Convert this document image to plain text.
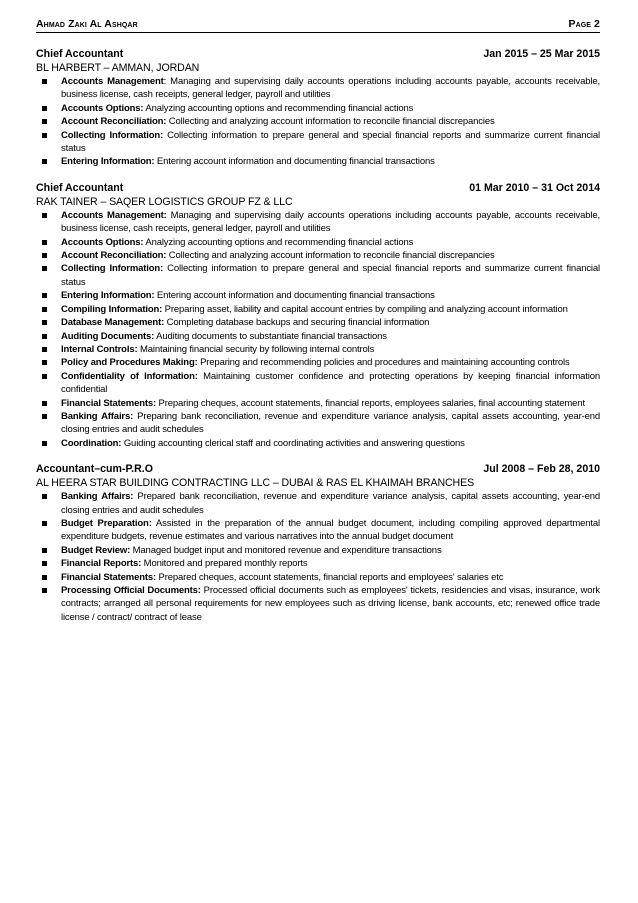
Ahmad Zaki Al Ashqar	Page 2
Chief Accountant	Jan 2015 – 25 Mar 2015
BL HARBERT – AMMAN, JORDAN
Accounts Management: Managing and supervising daily accounts operations including accounts payable, accounts receivable, business license, cash receipts, general ledger, payroll and utilities
Accounts Options: Analyzing accounting options and recommending financial actions
Account Reconciliation: Collecting and analyzing account information to reconcile financial discrepancies
Collecting Information: Collecting information to prepare general and special financial reports and summarize current financial status
Entering Information: Entering account information and documenting financial transactions
Chief Accountant	01 Mar 2010 – 31 Oct 2014
RAK TAINER – SAQER LOGISTICS GROUP FZ & LLC
Accounts Management: Managing and supervising daily accounts operations including accounts payable, accounts receivable, business license, cash receipts, general ledger, payroll and utilities
Accounts Options: Analyzing accounting options and recommending financial actions
Account Reconciliation: Collecting and analyzing account information to reconcile financial discrepancies
Collecting Information: Collecting information to prepare general and special financial reports and summarize current financial status
Entering Information: Entering account information and documenting financial transactions
Compiling Information: Preparing asset, liability and capital account entries by compiling and analyzing account information
Database Management: Completing database backups and securing financial information
Auditing Documents: Auditing documents to substantiate financial transactions
Internal Controls: Maintaining financial security by following internal controls
Policy and Procedures Making: Preparing and recommending policies and procedures and maintaining accounting controls
Confidentiality of Information: Maintaining customer confidence and protecting operations by keeping financial information confidential
Financial Statements: Preparing cheques, account statements, financial reports, employees salaries, final accounting statement
Banking Affairs: Preparing bank reconciliation, revenue and expenditure variance analysis, capital assets accounting, year-end closing entries and audit schedules
Coordination: Guiding accounting clerical staff and coordinating activities and answering questions
Accountant–cum-P.R.O	Jul 2008 – Feb 28, 2010
AL HEERA STAR BUILDING CONTRACTING LLC – DUBAI & RAS EL KHAIMAH BRANCHES
Banking Affairs: Prepared bank reconciliation, revenue and expenditure variance analysis, capital assets accounting, year-end closing entries and audit schedules
Budget Preparation: Assisted in the preparation of the annual budget document, including compiling approved departmental expenditure budgets, revenue estimates and various narratives into the annual budget document
Budget Review: Managed budget input and monitored revenue and expenditure transactions
Financial Reports: Monitored and prepared monthly reports
Financial Statements: Prepared cheques, account statements, financial reports and employees' salaries etc
Processing Official Documents: Processed official documents such as employees' tickets, residencies and visas, insurance, work contracts; arranged all personal requirements for new employees such as driving license, bank accounts, etc; renewed office trade license / contract/ contract of lease
